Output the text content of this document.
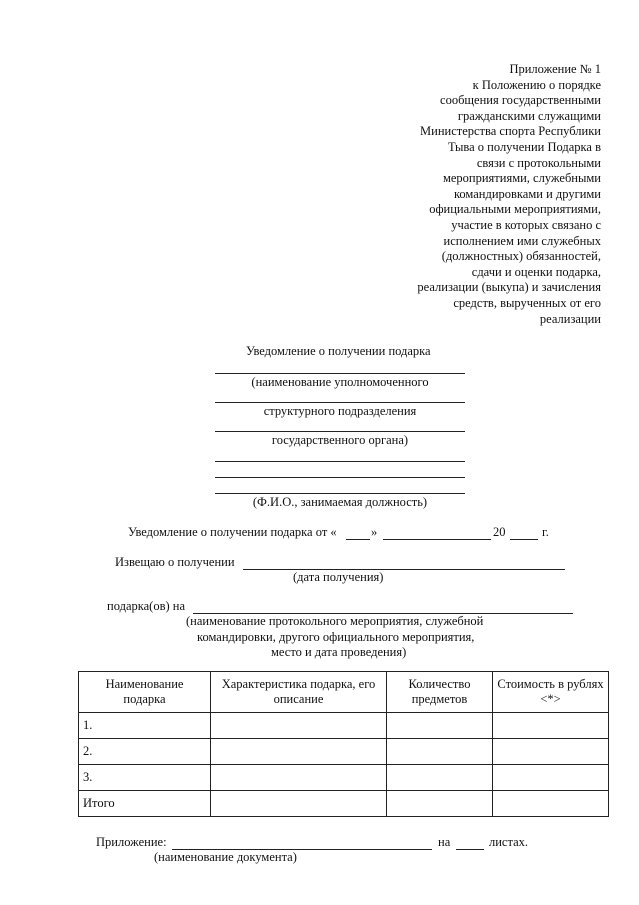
Приложение № 1
к Положению о порядке
сообщения государственными
гражданскими служащими
Министерства спорта Республики
Тыва о получении Подарка в
связи с протокольными
мероприятиями, служебными
командировками и другими
официальными мероприятиями,
участие в которых связано с
исполнением ими служебных
(должностных) обязанностей,
сдачи и оценки подарка,
реализации (выкупа) и зачисления
средств, вырученных от его
реализации
Уведомление о получении подарка
(наименование уполномоченного
структурного подразделения
государственного органа)
(Ф.И.О., занимаемая должность)
Уведомление о получении подарка от «	»	20	г.
Извещаю о получении
(дата получения)
подарка(ов) на
(наименование протокольного мероприятия, служебной
командировки, другого официального мероприятия,
место и дата проведения)
Наименование подарка	Характеристика подарка, его описание	Количество предметов	Стоимость в рублях <*>
1.			
2.			
3.			
Итого			
Приложение:	на	листах.
(наименование документа)
